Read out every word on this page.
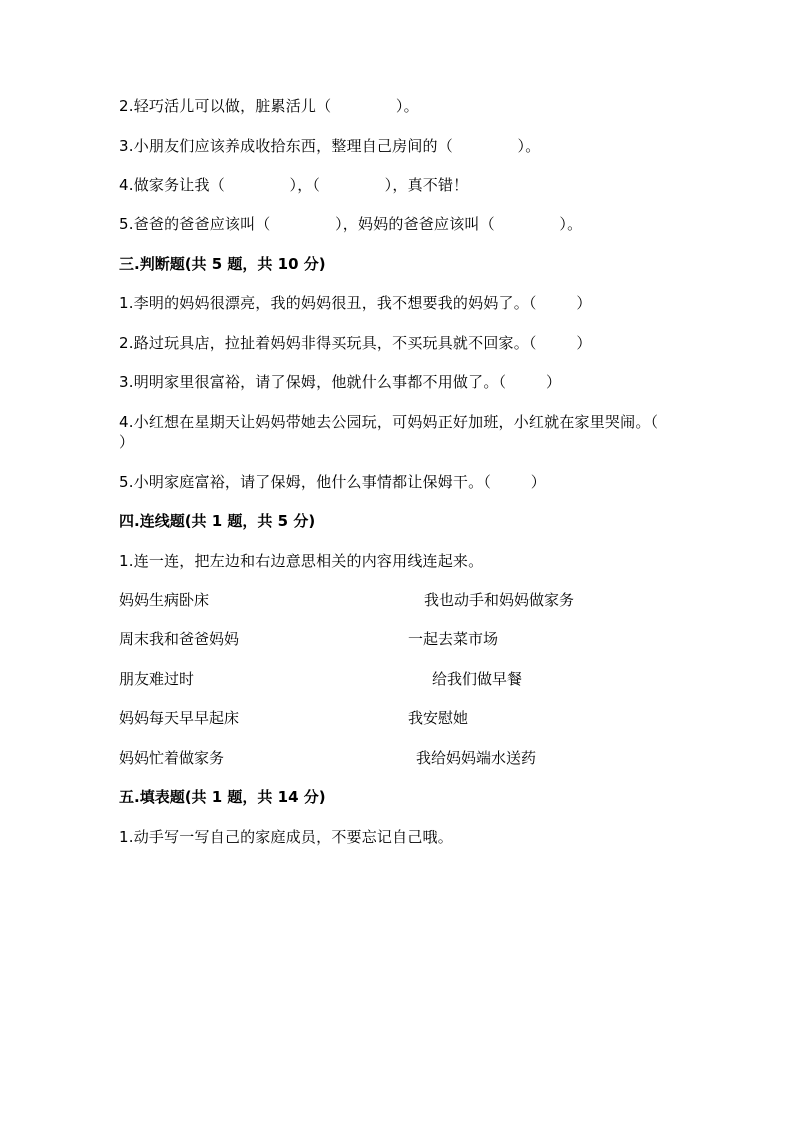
2.轻巧活儿可以做，脏累活儿（             ）。
3.小朋友们应该养成收拾东西，整理自己房间的（             ）。
4.做家务让我（             ），（             ），真不错！
5.爸爸的爸爸应该叫（             ），妈妈的爸爸应该叫（             ）。
三.判断题(共 5 题，共 10 分)
1.李明的妈妈很漂亮，我的妈妈很丑，我不想要我的妈妈了。（        ）
2.路过玩具店，拉扯着妈妈非得买玩具，不买玩具就不回家。（        ）
3.明明家里很富裕，请了保姆，他就什么事都不用做了。（        ）
4.小红想在星期天让妈妈带她去公园玩，可妈妈正好加班，小红就在家里哭闹。（        ）
5.小明家庭富裕，请了保姆，他什么事情都让保姆干。（        ）
四.连线题(共 1 题，共 5 分)
1.连一连，把左边和右边意思相关的内容用线连起来。
妈妈生病卧床	我也动手和妈妈做家务
周末我和爸爸妈妈	一起去菜市场
朋友难过时	给我们做早餐
妈妈每天早早起床	我安慰她
妈妈忙着做家务	我给妈妈端水送药
五.填表题(共 1 题，共 14 分)
1.动手写一写自己的家庭成员，不要忘记自己哦。
